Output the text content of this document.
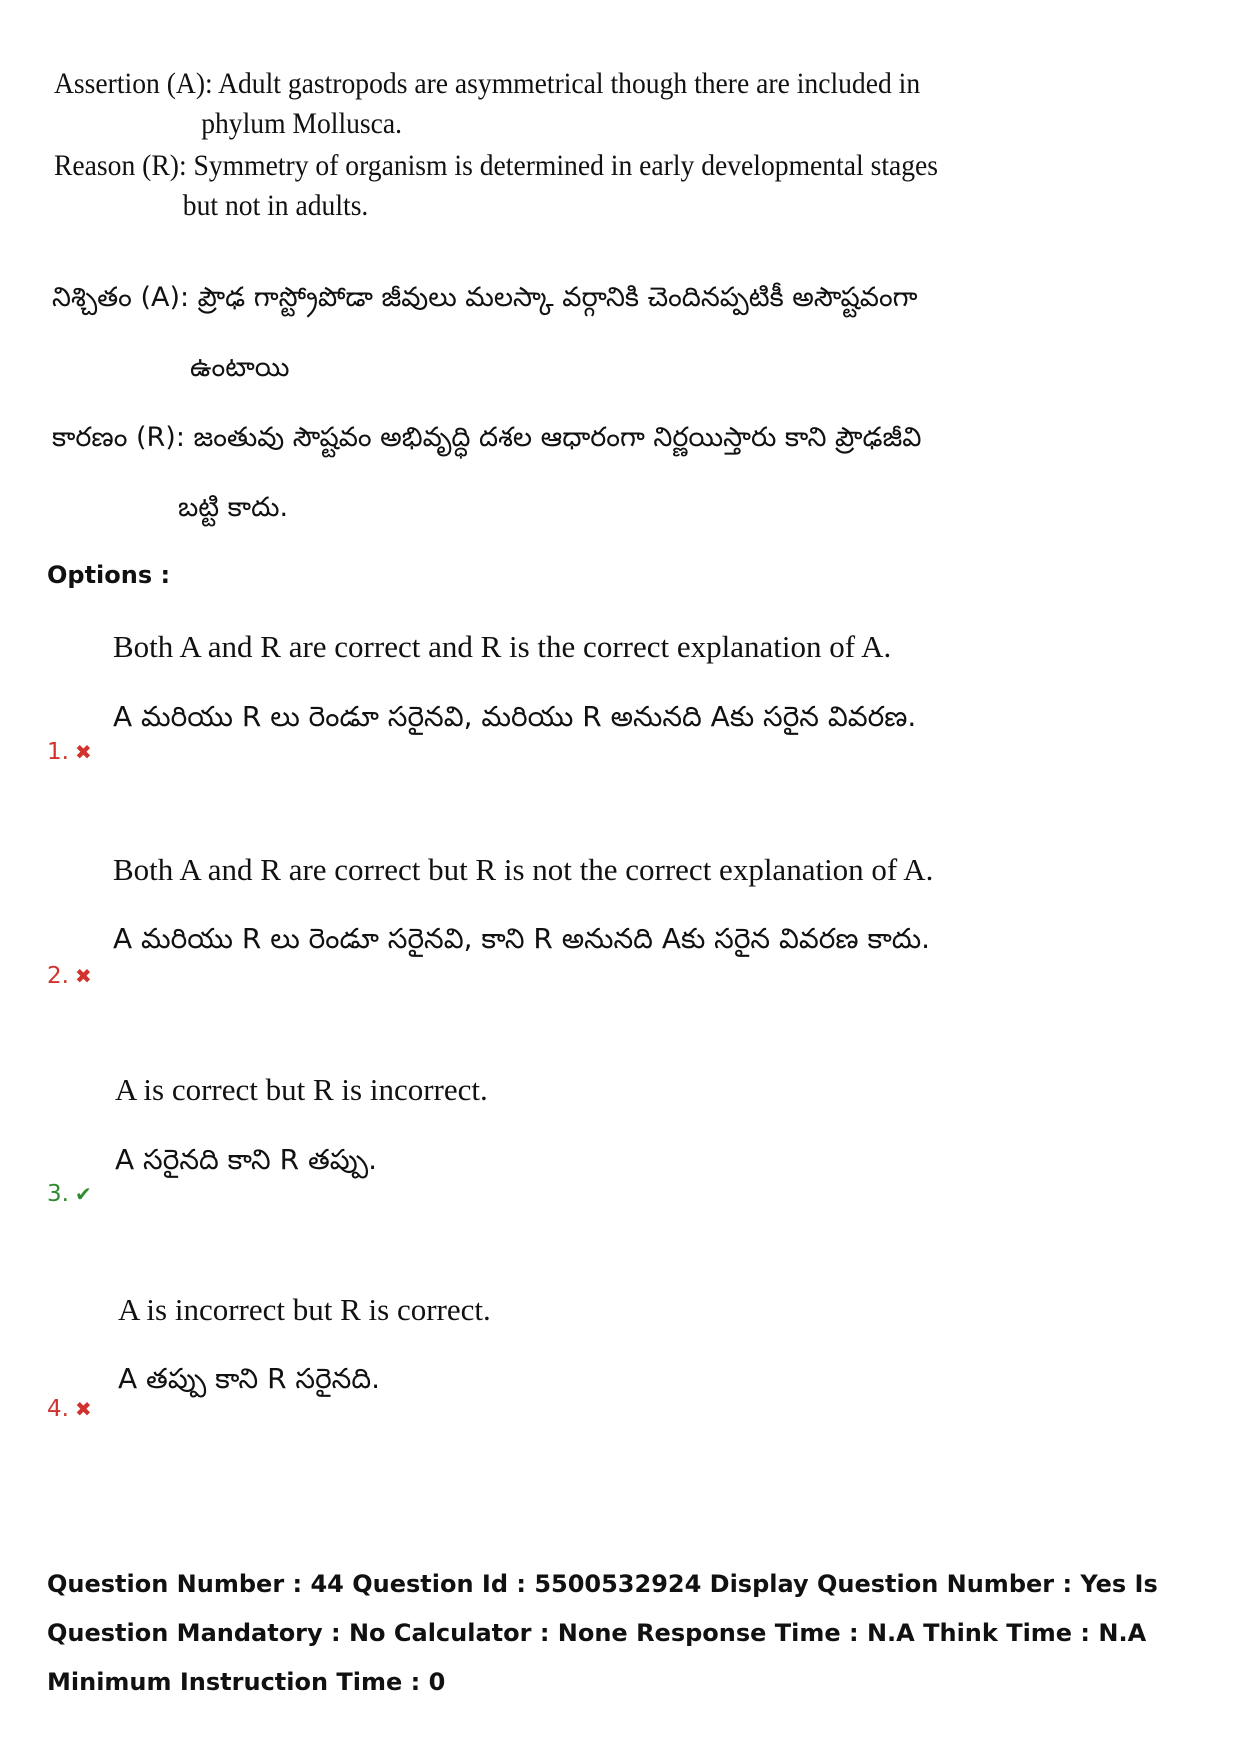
Assertion (A): Adult gastropods are asymmetrical though there are included in
phylum Mollusca.
Reason (R): Symmetry of organism is determined in early developmental stages
but not in adults.
నిశ్చితం (A): ప్రౌఢ గాస్ట్రోపోడా జీవులు మలస్కా వర్గానికి చెందినప్పటికీ అసౌష్టవంగా
ఉంటాయి
కారణం (R): జంతువు సౌష్టవం అభివృద్ధి దశల ఆధారంగా నిర్ణయిస్తారు కాని ప్రౌఢజీవి
బట్టి కాదు.
Options :
Both A and R are correct and R is the correct explanation of A.
A మరియు R లు రెండూ సరైనవి, మరియు R అనునది Aకు సరైన వివరణ.
1. ✖
Both A and R are correct but R is not the correct explanation of A.
A మరియు R లు రెండూ సరైనవి, కాని R అనునది Aకు సరైన వివరణ కాదు.
2. ✖
A is correct but R is incorrect.
A సరైనది కాని R తప్పు.
3. ✔
A is incorrect but R is correct.
A తప్పు కాని R సరైనది.
4. ✖
Question Number : 44 Question Id : 5500532924 Display Question Number : Yes Is Question Mandatory : No Calculator : None Response Time : N.A Think Time : N.A Minimum Instruction Time : 0
